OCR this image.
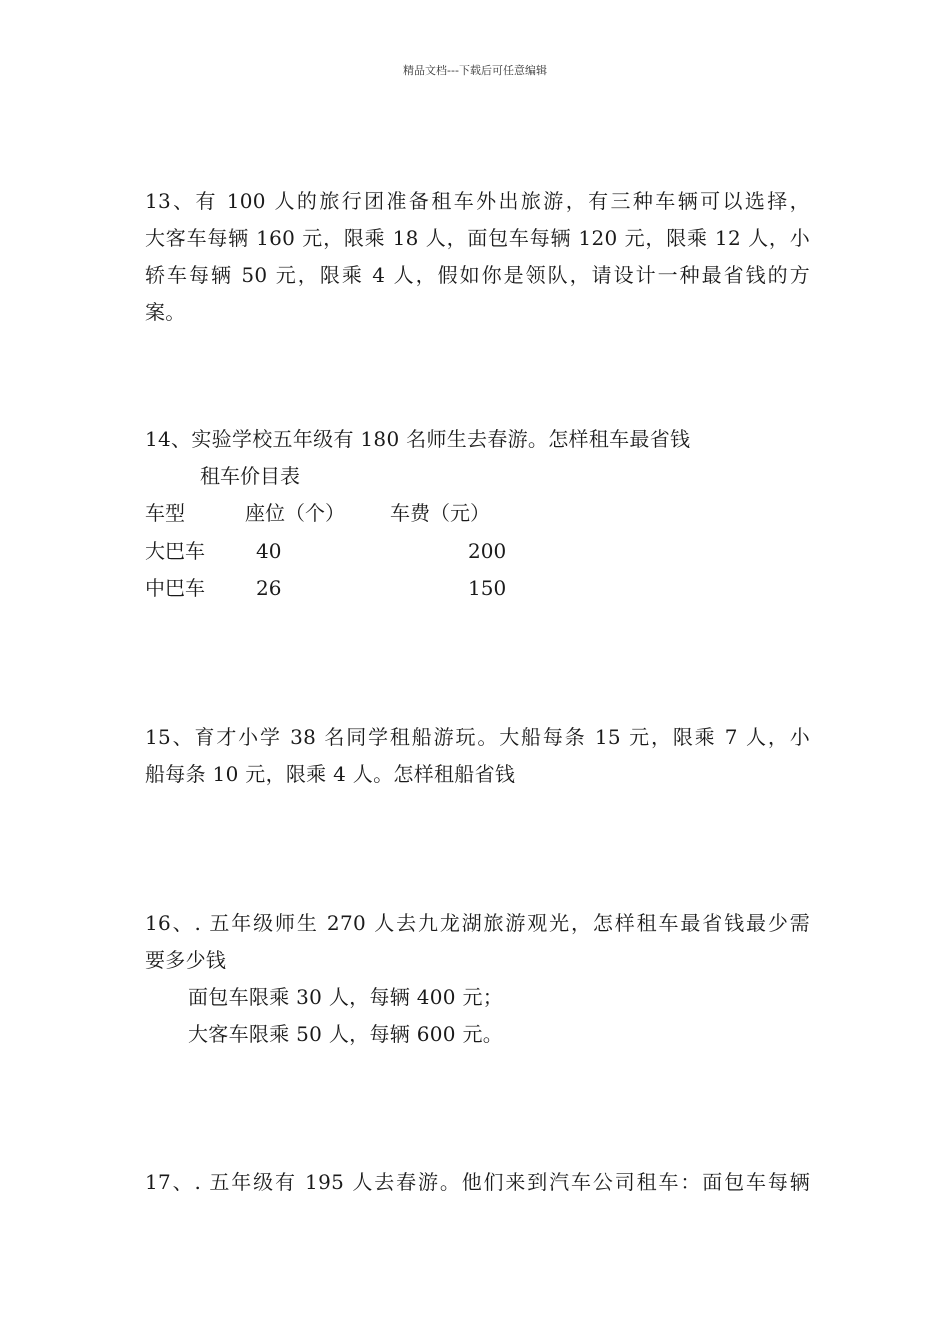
精品文档---下载后可任意编辑
13、有 100 人的旅行团准备租车外出旅游，有三种车辆可以选择，
大客车每辆 160 元，限乘 18 人，面包车每辆 120 元，限乘 12 人，小
轿车每辆 50 元，限乘 4 人，假如你是领队，请设计一种最省钱的方
案。
14、实验学校五年级有 180 名师生去春游。怎样租车最省钱
租车价目表
车型	座位（个） 车费（元）
大巴车	40	200
中巴车	26	150
15、育才小学 38 名同学租船游玩。大船每条 15 元，限乘 7 人，小
船每条 10 元，限乘 4 人。怎样租船省钱
16、. 五年级师生 270 人去九龙湖旅游观光，怎样租车最省钱最少需
要多少钱
面包车限乘 30 人，每辆 400 元；
大客车限乘 50 人，每辆 600 元。
17、. 五年级有 195 人去春游。他们来到汽车公司租车：面包车每辆
